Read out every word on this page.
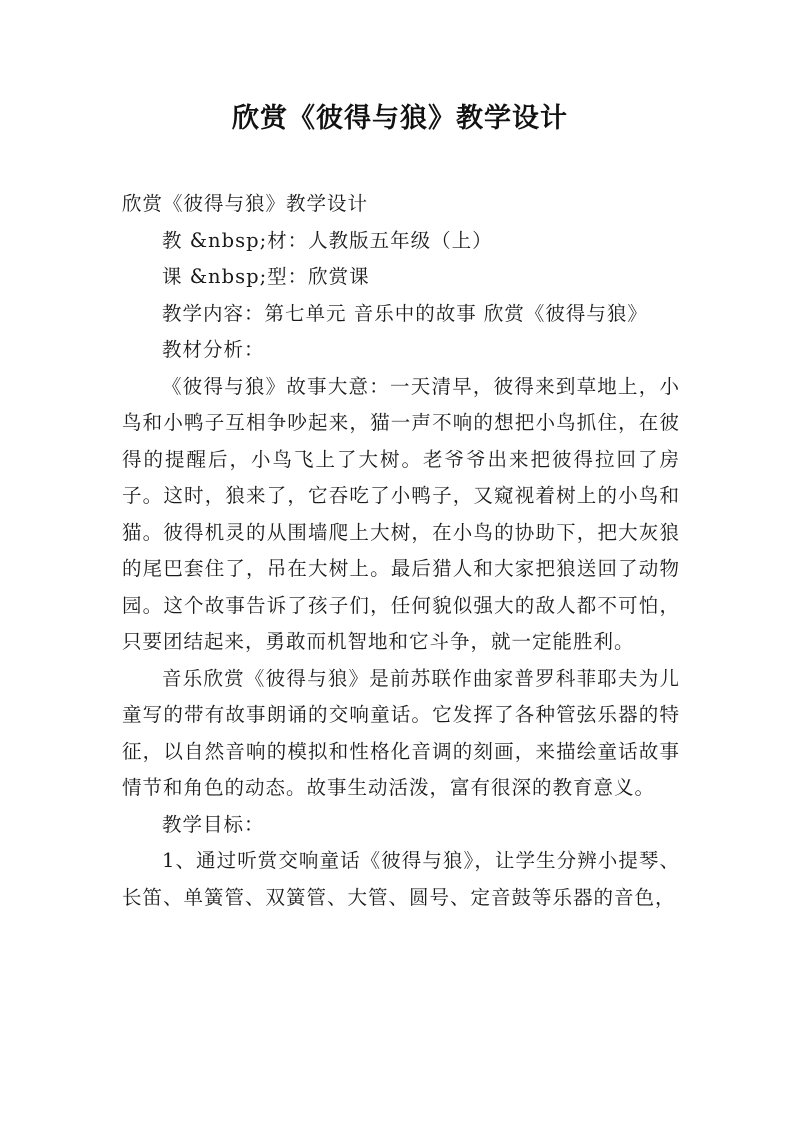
欣赏《彼得与狼》教学设计
欣赏《彼得与狼》教学设计
教 &nbsp;材：人教版五年级（上）
课 &nbsp;型：欣赏课
教学内容：第七单元 音乐中的故事 欣赏《彼得与狼》
教材分析：

《彼得与狼》故事大意：一天清早，彼得来到草地上，小鸟和小鸭子互相争吵起来，猫一声不响的想把小鸟抓住，在彼得的提醒后，小鸟飞上了大树。老爷爷出来把彼得拉回了房子。这时，狼来了，它吞吃了小鸭子，又窥视着树上的小鸟和猫。彼得机灵的从围墙爬上大树，在小鸟的协助下，把大灰狼的尾巴套住了，吊在大树上。最后猎人和大家把狼送回了动物园。这个故事告诉了孩子们，任何貌似强大的敌人都不可怕，只要团结起来，勇敢而机智地和它斗争，就一定能胜利。

音乐欣赏《彼得与狼》是前苏联作曲家普罗科菲耶夫为儿童写的带有故事朗诵的交响童话。它发挥了各种管弦乐器的特征，以自然音响的模拟和性格化音调的刻画，来描绘童话故事情节和角色的动态。故事生动活泼，富有很深的教育意义。

教学目标：

1、通过听赏交响童话《彼得与狼》，让学生分辨小提琴、长笛、单簧管、双簧管、大管、圆号、定音鼓等乐器的音色，
